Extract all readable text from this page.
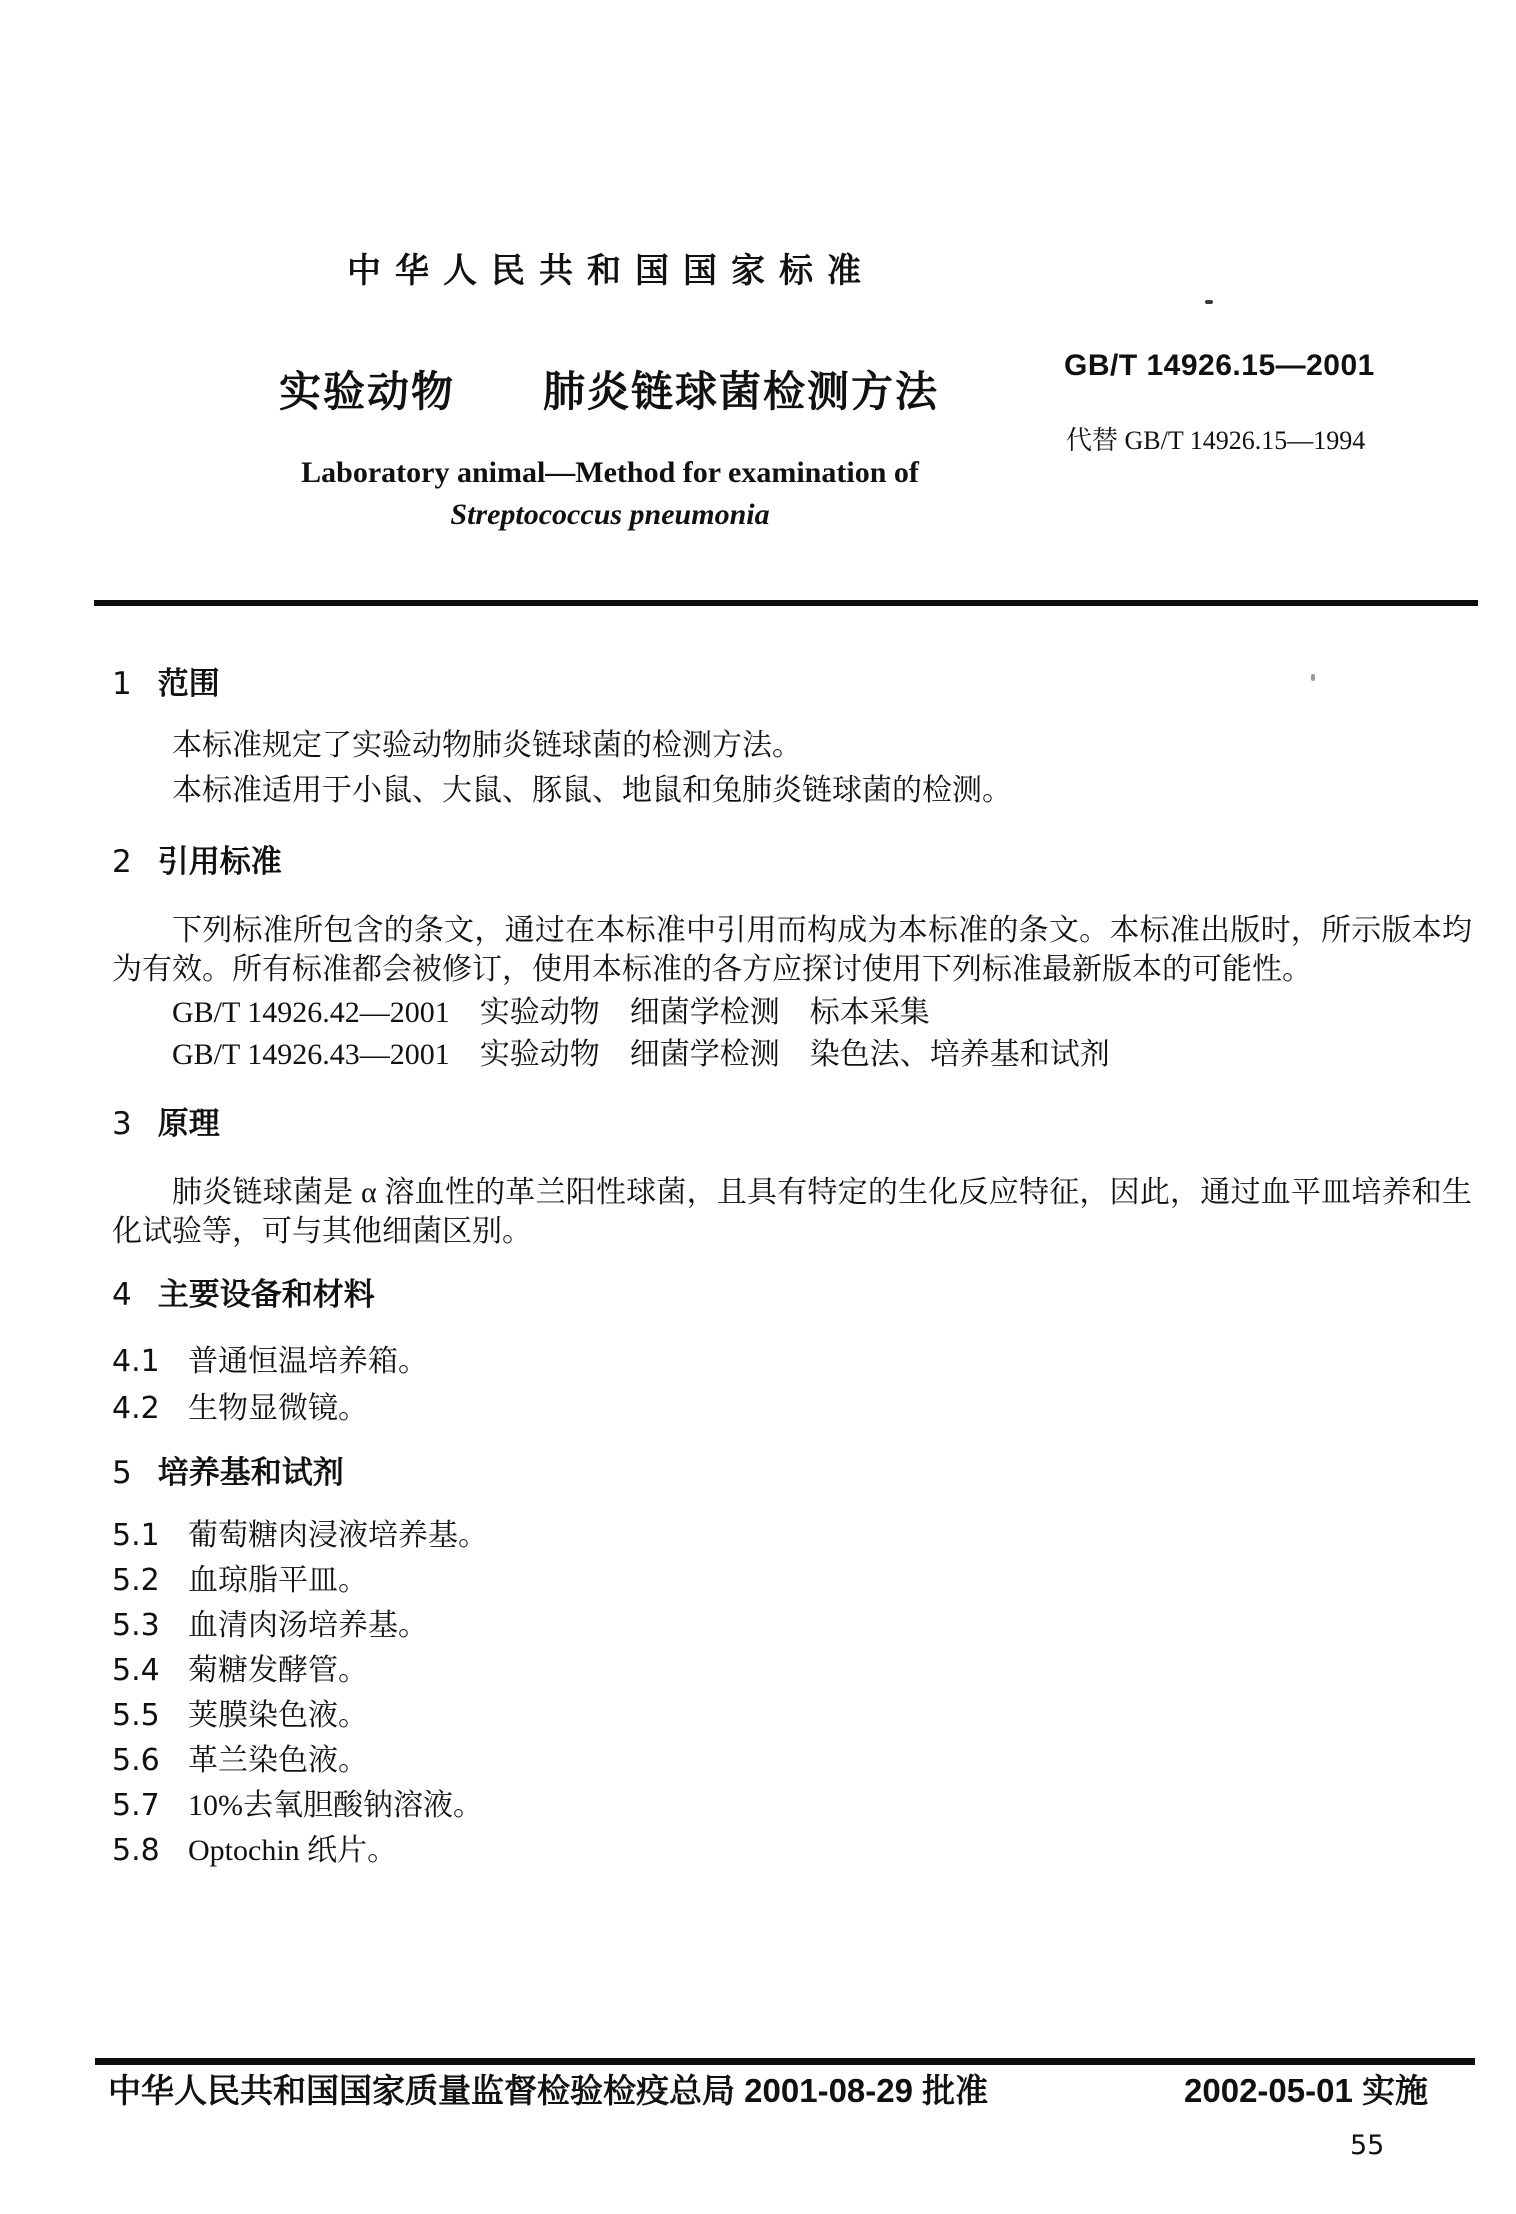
中华人民共和国国家标准
实验动物　　肺炎链球菌检测方法
GB/T 14926.15—2001
代替 GB/T 14926.15—1994
Laboratory animal—Method for examination of
Streptococcus pneumonia
1 范围

本标准规定了实验动物肺炎链球菌的检测方法。

本标准适用于小鼠、大鼠、豚鼠、地鼠和兔肺炎链球菌的检测。

2 引用标准

下列标准所包含的条文，通过在本标准中引用而构成为本标准的条文。本标准出版时，所示版本均为有效。所有标准都会被修订，使用本标准的各方应探讨使用下列标准最新版本的可能性。

GB/T 14926.42—2001　实验动物　细菌学检测　标本采集

GB/T 14926.43—2001　实验动物　细菌学检测　染色法、培养基和试剂

3 原理

肺炎链球菌是 α 溶血性的革兰阳性球菌，且具有特定的生化反应特征，因此，通过血平皿培养和生化试验等，可与其他细菌区别。

4 主要设备和材料
4.1 普通恒温培养箱。
4.2 生物显微镜。
5 培养基和试剂
5.1 葡萄糖肉浸液培养基。
5.2 血琼脂平皿。
5.3 血清肉汤培养基。
5.4 菊糖发酵管。
5.5 荚膜染色液。
5.6 革兰染色液。
5.7 10%去氧胆酸钠溶液。
5.8 Optochin 纸片。
中华人民共和国国家质量监督检验检疫总局 2001-08-29 批准	2002-05-01 实施
55
